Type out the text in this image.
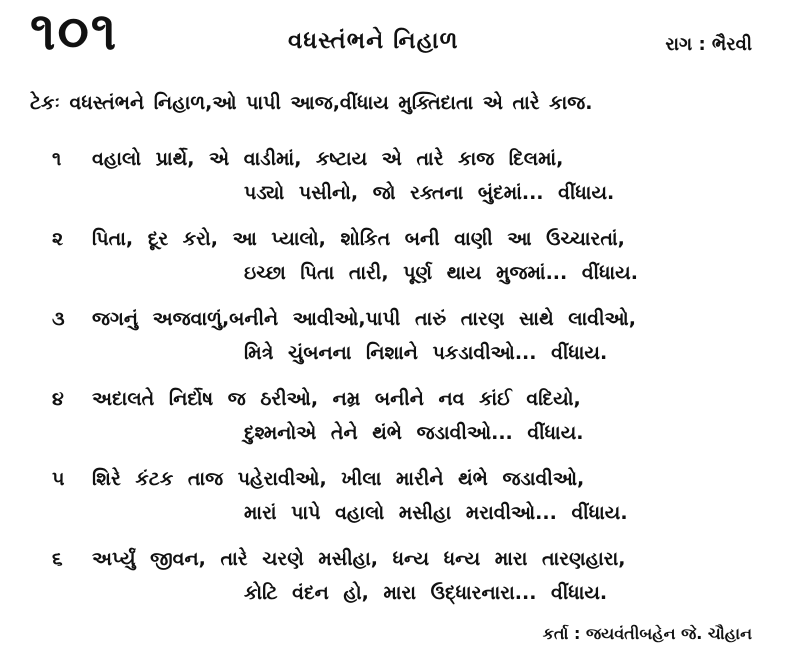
૧૦૧	વધસ્તંભને નિહાળ	રાગ : ભૈરવી
ટેકઃ વધસ્તંભને નિહાળ,ઓ પાપી આજ,વીંધાય મુક્તિદાતા એ તારે કાજ.
૧ વહાલો પ્રાર્થે, એ વાડીમાં, કષ્ટાય એ તારે કાજ દિલમાં,
પડ્યો પસીનો, જો રક્તના બુંદમાં... વીંધાય.
૨ પિતા, દૂર કરો, આ પ્યાલો, શોકિત બની વાણી આ ઉચ્ચારતાં,
ઇચ્છા પિતા તારી, પૂર્ણ થાય મુજમાં... વીંધાય.
૩ જગનું અજવાળું,બનીને આવીઓ,પાપી તારું તારણ સાથે લાવીઓ,
મિત્રે ચુંબનના નિશાને પકડાવીઓ... વીંધાય.
૪ અદાલતે નિર્દોષ જ ઠરીઓ, નમ્ર બનીને નવ કાંઈ વદિયો,
દુશ્મનોએ તેને થંભે જડાવીઓ... વીંધાય.
૫ શિરે કંટક તાજ પહેરાવીઓ, ખીલા મારીને થંભે જડાવીઓ,
મારાં પાપે વહાલો મસીહા મરાવીઓ... વીંધાય.
૬ અર્પ્યું જીવન, તારે ચરણે મસીહા, ધન્ય ધન્ય મારા તારણહારા,
કોટિ વંદન હો, મારા ઉદ્ધારનારા... વીંધાય.
કર્તા : જયવંતીબહેન જે. ચૌહાન
